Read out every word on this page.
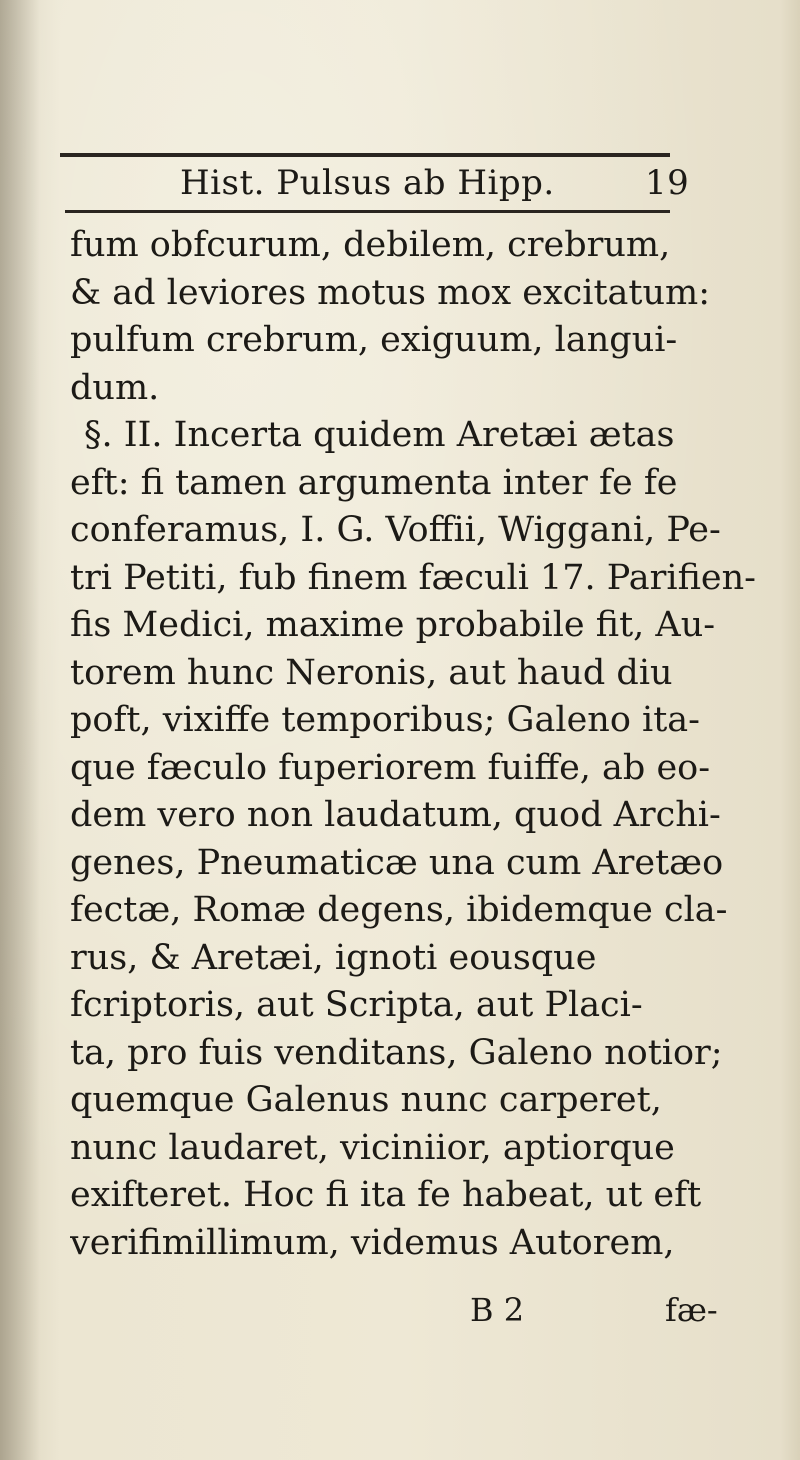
Hist. Pulsus ab Hipp.	19
fum obfcurum, debilem, crebrum,
& ad leviores motus mox excitatum:
pulfum crebrum, exiguum, langui-
dum.
§. II. Incerta quidem Aretæi ætas
eft: fi tamen argumenta inter fe fe
conferamus, I. G. Voffii, Wiggani, Pe-
tri Petiti, fub finem fæculi 17. Parifien-
fis Medici, maxime probabile fit, Au-
torem hunc Neronis, aut haud diu
poft, vixiffe temporibus; Galeno ita-
que fæculo fuperiorem fuiffe, ab eo-
dem vero non laudatum, quod Archi-
genes, Pneumaticæ una cum Aretæo
fectæ, Romæ degens, ibidemque cla-
rus, & Aretæi, ignoti eousque
fcriptoris, aut Scripta, aut Placi-
ta, pro fuis venditans, Galeno notior;
quemque Galenus nunc carperet,
nunc laudaret, viciniior, aptiorque
exifteret. Hoc fi ita fe habeat, ut eft
verifimillimum, videmus Autorem,
B 2	fæ-
